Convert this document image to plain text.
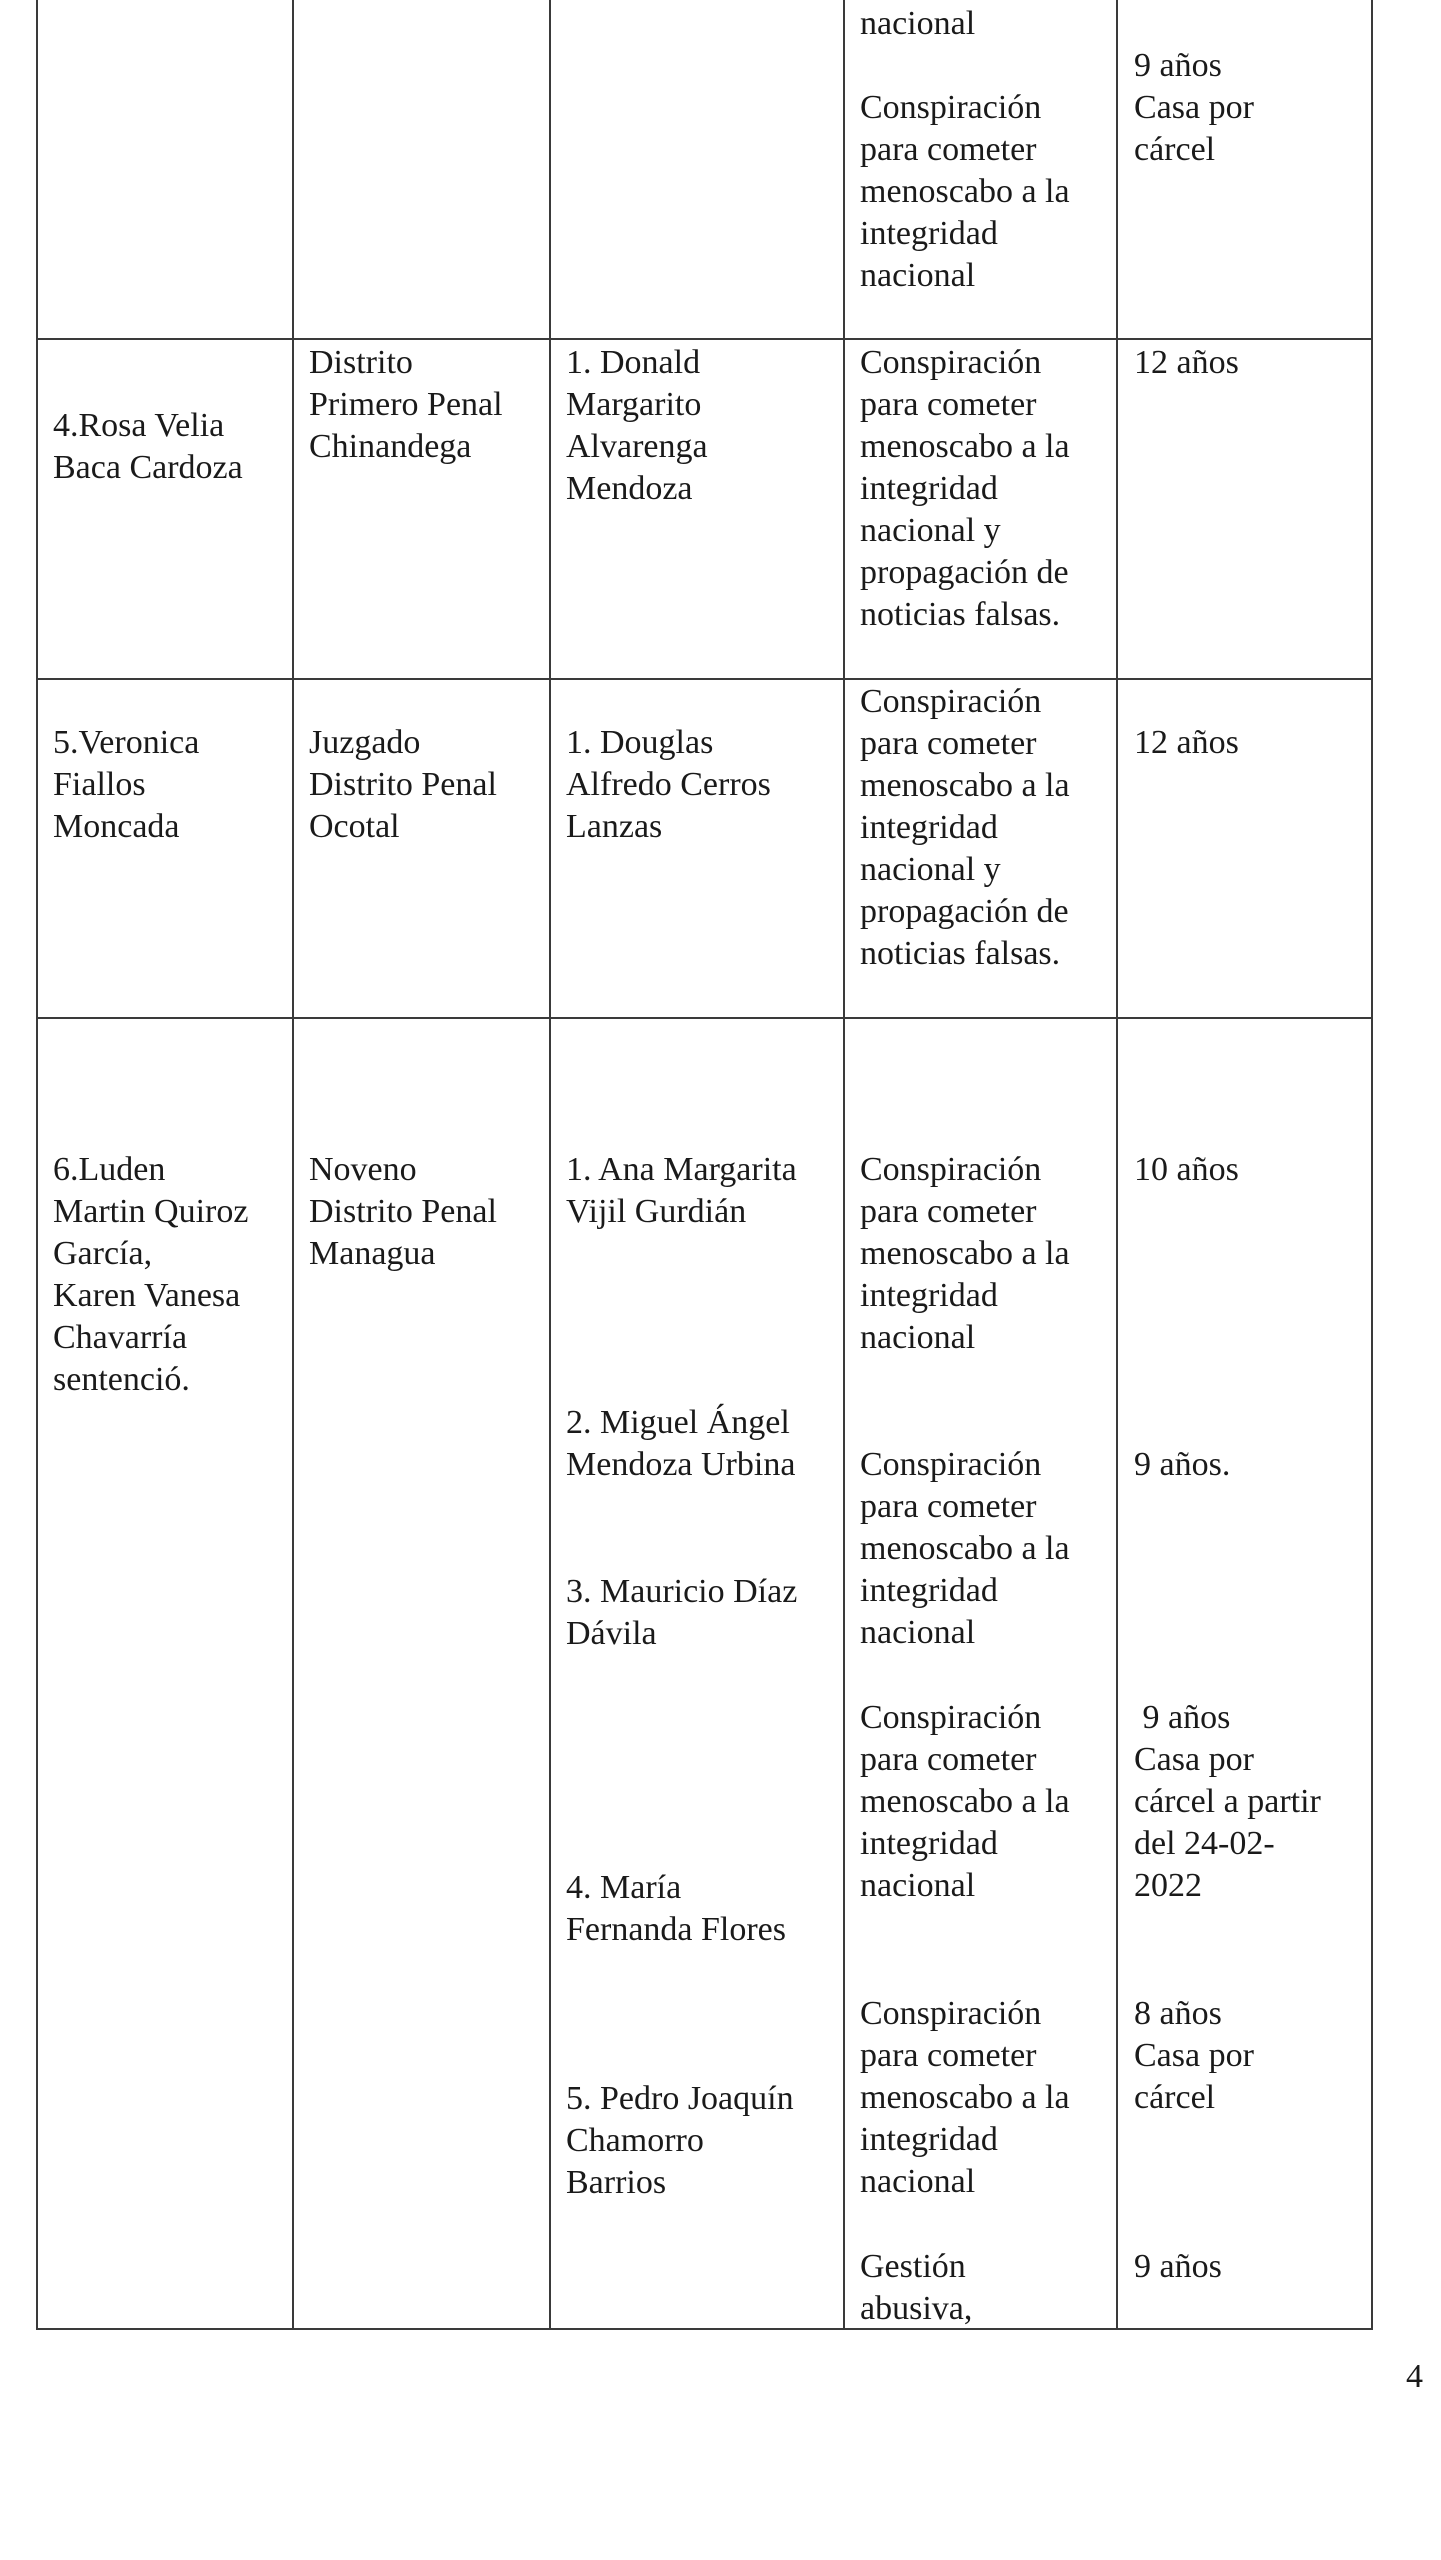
nacional
Conspiración
para cometer
menoscabo a la
integridad
nacional
9 años
Casa por
cárcel
4.Rosa Velia
Baca Cardoza
Distrito
Primero Penal
Chinandega
1. Donald
Margarito
Alvarenga
Mendoza
Conspiración
para cometer
menoscabo a la
integridad
nacional y
propagación de
noticias falsas.
12 años
5.Veronica
Fiallos
Moncada
Juzgado
Distrito Penal
Ocotal
1. Douglas
Alfredo Cerros
Lanzas
Conspiración
para cometer
menoscabo a la
integridad
nacional y
propagación de
noticias falsas.
12 años
6.Luden
Martin Quiroz
García,
Karen Vanesa
Chavarría
sentenció.
Noveno
Distrito Penal
Managua
1. Ana Margarita
Vijil Gurdián
2. Miguel Ángel
Mendoza Urbina
3. Mauricio Díaz
Dávila
4. María
Fernanda Flores
5. Pedro Joaquín
Chamorro
Barrios
Conspiración
para cometer
menoscabo a la
integridad
nacional
Conspiración
para cometer
menoscabo a la
integridad
nacional
Conspiración
para cometer
menoscabo a la
integridad
nacional
Conspiración
para cometer
menoscabo a la
integridad
nacional
Gestión
abusiva,
10 años
9 años.
9 años
Casa por
cárcel a partir
del 24-02-
2022
8 años
Casa por
cárcel
9 años
4
